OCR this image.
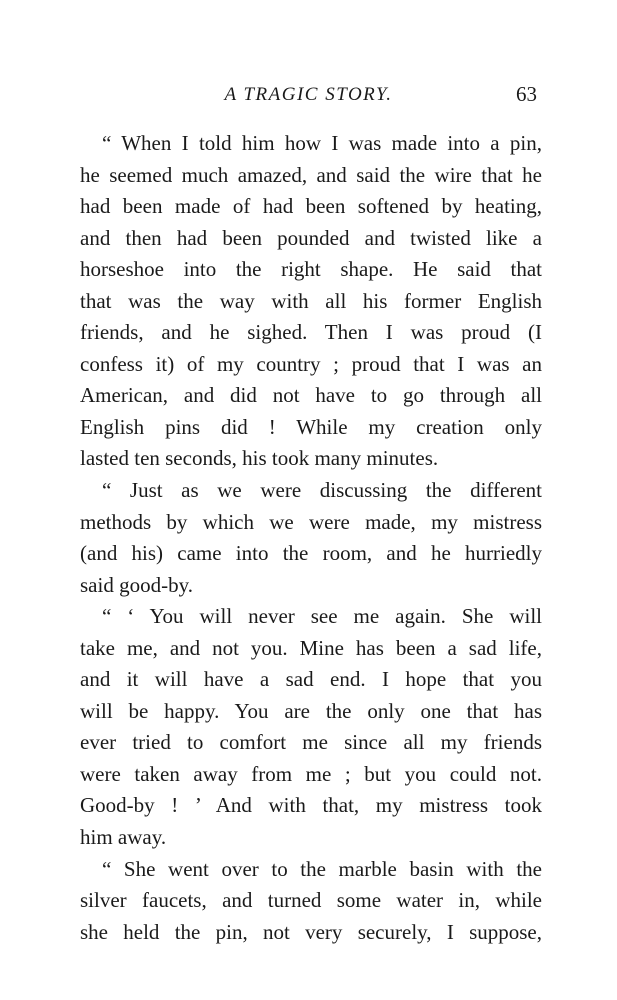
A TRAGIC STORY.	63
“ When I told him how I was made into a pin,
he seemed much amazed, and said the wire that he
had been made of had been softened by heating,
and then had been pounded and twisted like a
horseshoe into the right shape. He said that
that was the way with all his former English
friends, and he sighed. Then I was proud (I
confess it) of my country ; proud that I was an
American, and did not have to go through all
English pins did ! While my creation only
lasted ten seconds, his took many minutes.
“ Just as we were discussing the different
methods by which we were made, my mistress
(and his) came into the room, and he hurriedly
said good-by.
“ ‘ You will never see me again. She will
take me, and not you. Mine has been a sad life,
and it will have a sad end. I hope that you
will be happy. You are the only one that has
ever tried to comfort me since all my friends
were taken away from me ; but you could not.
Good-by ! ’ And with that, my mistress took
him away.
“ She went over to the marble basin with the
silver faucets, and turned some water in, while
she held the pin, not very securely, I suppose,
